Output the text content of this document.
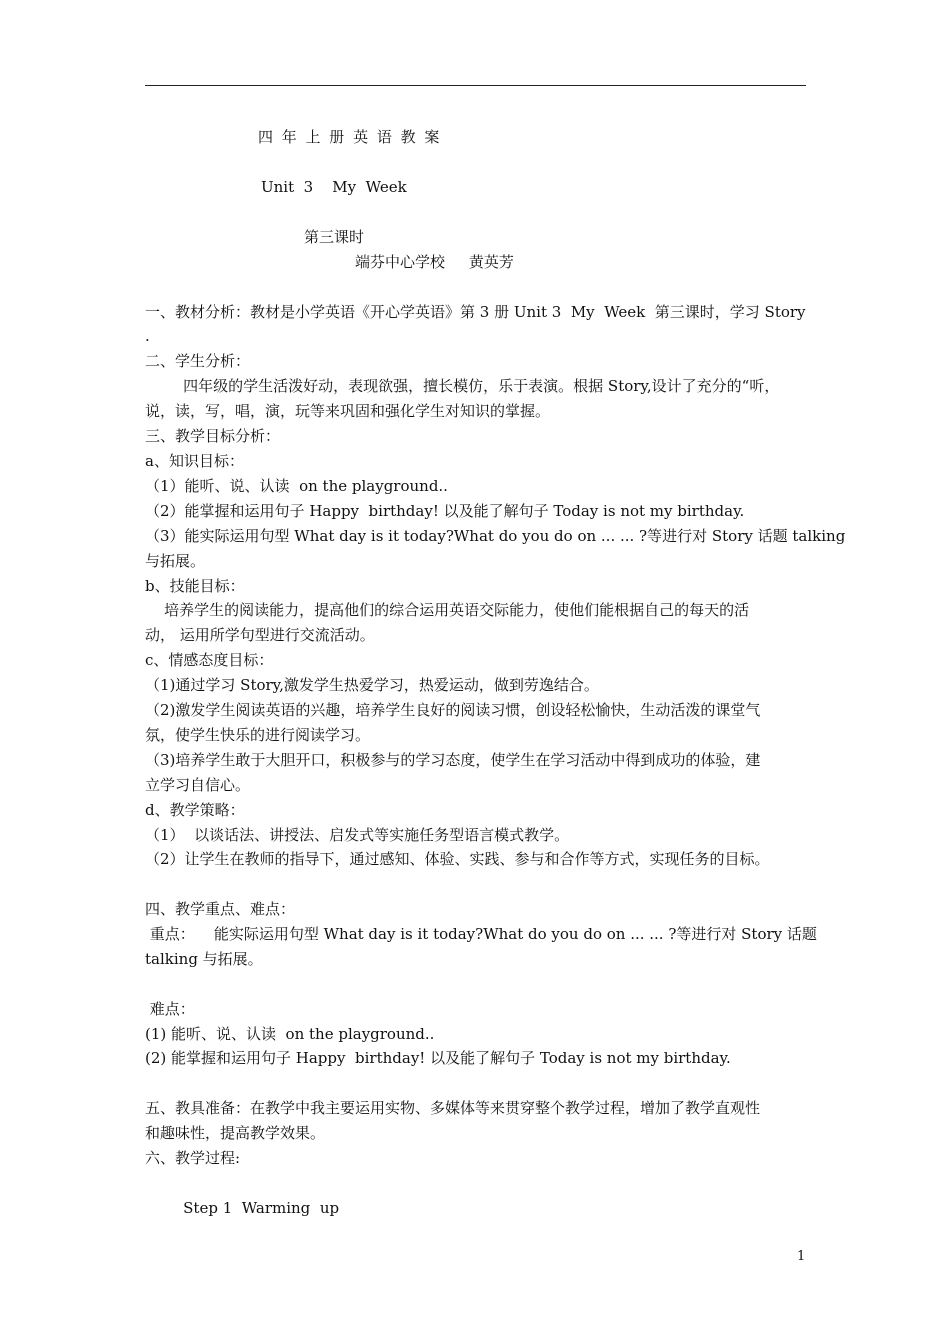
四 年 上 册 英 语 教 案
Unit  3    My  Week
第三课时
端芬中心学校     黄英芳
一、教材分析：教材是小学英语《开心学英语》第 3 册 Unit 3  My  Week  第三课时，学习 Story
.
二、学生分析：
四年级的学生活泼好动，表现欲强，擅长模仿，乐于表演。根据 Story,设计了充分的“听，
说，读，写，唱，演，玩等来巩固和强化学生对知识的掌握。
三、教学目标分析：
a、知识目标：
（1）能听、说、认读  on the playground..
（2）能掌握和运用句子 Happy  birthday! 以及能了解句子 Today is not my birthday.
（3）能实际运用句型 What day is it today?What do you do on ... ... ?等进行对 Story 话题 talking
与拓展。
b、技能目标：
培养学生的阅读能力，提高他们的综合运用英语交际能力，使他们能根据自己的每天的活
动， 运用所学句型进行交流活动。
c、情感态度目标：
（1)通过学习 Story,激发学生热爱学习，热爱运动，做到劳逸结合。
（2)激发学生阅读英语的兴趣，培养学生良好的阅读习惯，创设轻松愉快，生动活泼的课堂气
氛，使学生快乐的进行阅读学习。
（3)培养学生敢于大胆开口，积极参与的学习态度，使学生在学习活动中得到成功的体验，建
立学习自信心。
d、教学策略：
（1）  以谈话法、讲授法、启发式等实施任务型语言模式教学。
（2）让学生在教师的指导下，通过感知、体验、实践、参与和合作等方式，实现任务的目标。
四、教学重点、难点：
重点：    能实际运用句型 What day is it today?What do you do on ... ... ?等进行对 Story 话题
talking 与拓展。
难点：
(1) 能听、说、认读  on the playground..
(2) 能掌握和运用句子 Happy  birthday! 以及能了解句子 Today is not my birthday.
五、教具准备：在教学中我主要运用实物、多媒体等来贯穿整个教学过程，增加了教学直观性
和趣味性，提高教学效果。
六、教学过程:
Step 1  Warming  up
1
